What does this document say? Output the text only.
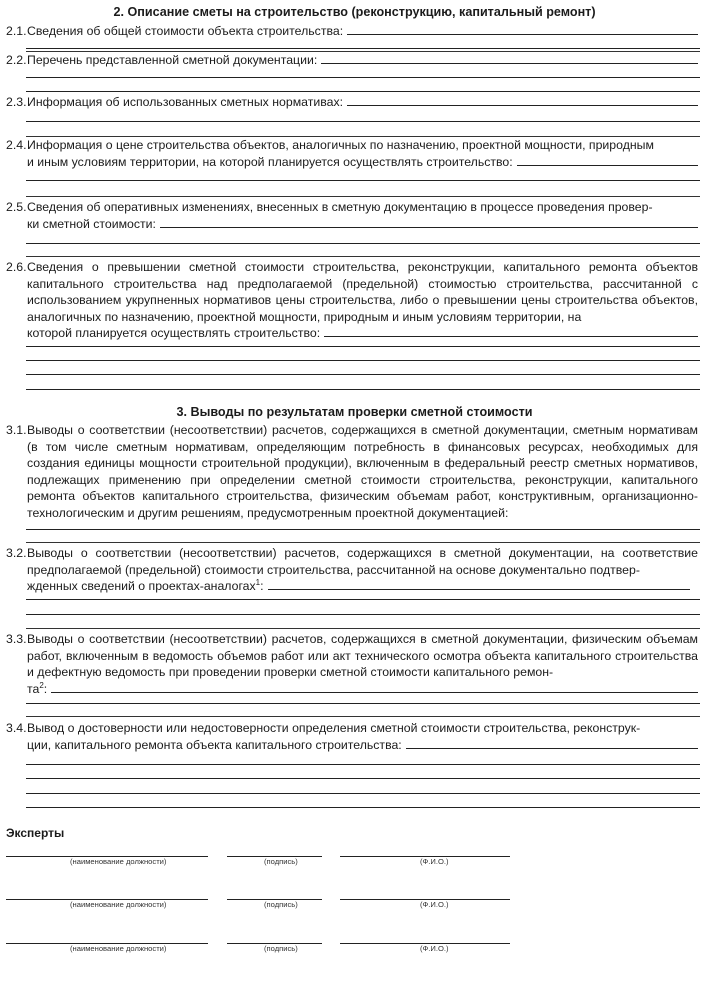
2. Описание сметы на строительство (реконструкцию, капитальный ремонт)
2.1. Сведения об общей стоимости объекта строительства:
2.2. Перечень представленной сметной документации:
2.3. Информация об использованных сметных нормативах:
2.4. Информация о цене строительства объектов, аналогичных по назначению, проектной мощности, природным
и иным условиям территории, на которой планируется осуществлять строительство:
2.5. Сведения об оперативных изменениях, внесенных в сметную документацию в процессе проведения провер-
ки сметной стоимости:
2.6. Сведения о превышении сметной стоимости строительства, реконструкции, капитального ремонта объектов капитального строительства над предполагаемой (предельной) стоимостью строительства, рассчитанной с использованием укрупненных нормативов цены строительства, либо о превышении цены строительства объектов, аналогичных по назначению, проектной мощности, природным и иным условиям территории, на
которой планируется осуществлять строительство:
3. Выводы по результатам проверки сметной стоимости
3.1. Выводы о соответствии (несоответствии) расчетов, содержащихся в сметной документации, сметным нормативам (в том числе сметным нормативам, определяющим потребность в финансовых ресурсах, необходимых для создания единицы мощности строительной продукции), включенным в федеральный реестр сметных нормативов, подлежащих применению при определении сметной стоимости строительства, реконструкции, капитального ремонта объектов капитального строительства, физическим объемам работ, конструктивным, организационно-технологическим и другим решениям, предусмотренным проектной документацией:
3.2. Выводы о соответствии (несоответствии) расчетов, содержащихся в сметной документации, на соответствие предполагаемой (предельной) стоимости строительства, рассчитанной на основе документально подтвер-
жденных сведений о проектах-аналогах$^1$:
3.3. Выводы о соответствии (несоответствии) расчетов, содержащихся в сметной документации, физическим объемам работ, включенным в ведомость объемов работ или акт технического осмотра объекта капитального строительства и дефектную ведомость при проведении проверки сметной стоимости капитального ремон-
$та^2$:
3.4. Вывод о достоверности или недостоверности определения сметной стоимости строительства, реконструк-
ции, капитального ремонта объекта капитального строительства:
Эксперты
(наименование должности)	(подпись)	(Ф.И.О.)
(наименование должности)	(подпись)	(Ф.И.О.)
(наименование должности)	(подпись)	(Ф.И.О.)
